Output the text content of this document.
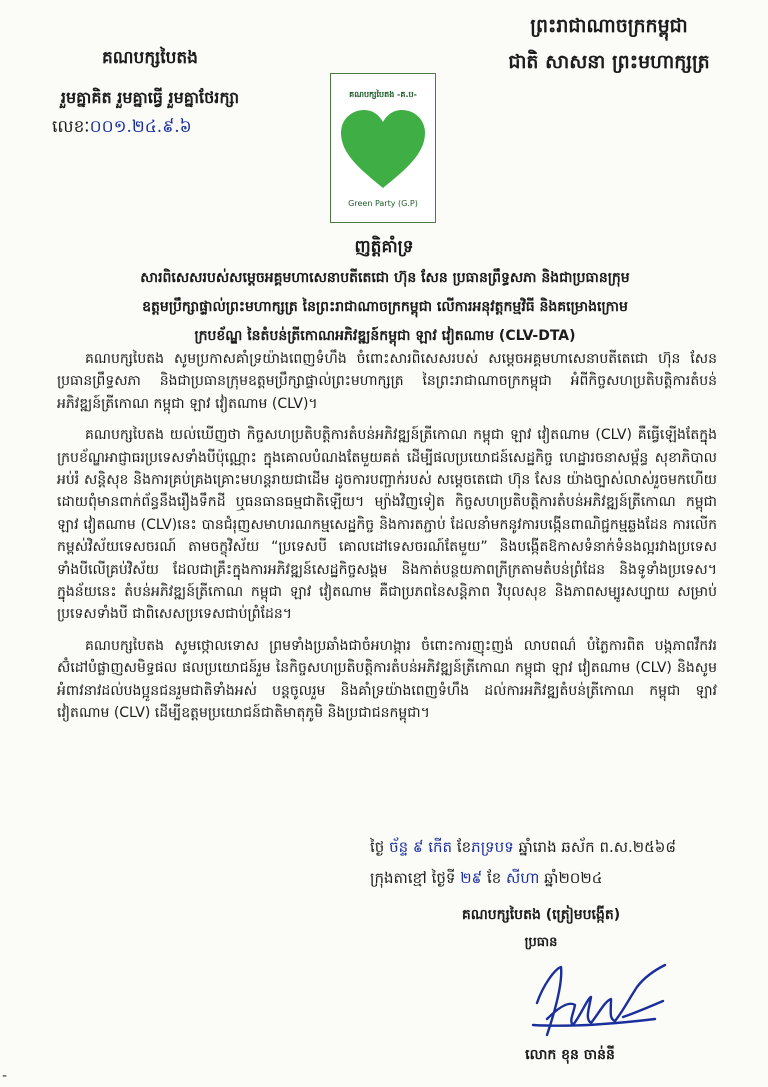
ព្រះរាជាណាចក្រកម្ពុជា
ជាតិ សាសនា ព្រះមហាក្សត្រ
គណបក្សបៃតង
រួមគ្នាគិត រួមគ្នាធ្វើ រួមគ្នាថែរក្សា
លេខៈ០០១.២៤.៩.៦
គណបក្សបៃតង -គ.ប-
Green Party (G.P)
ញត្តិគាំទ្រ
សារពិសេសរបស់សម្ដេចអគ្គមហាសេនាបតីតេជោ ហ៊ុន សែន ប្រធានព្រឹទ្ធសភា និងជាប្រធានក្រុម
ឧត្ដមប្រឹក្សាផ្ទាល់ព្រះមហាក្សត្រ នៃព្រះរាជាណាចក្រកម្ពុជា លើការអនុវត្តកម្មវិធី និងគម្រោងក្រោម
ក្របខ័ណ្ឌ នៃតំបន់ត្រីកោណអភិវឌ្ឍន៍កម្ពុជា ឡាវ វៀតណាម (CLV-DTA)

គណបក្សបៃតង សូមប្រកាសគាំទ្រយ៉ាងពេញទំហឹង ចំពោះសារពិសេសរបស់ សម្ដេចអគ្គមហាសេនាបតីតេជោ ហ៊ុន សែន ប្រធានព្រឹទ្ធសភា និងជាប្រធានក្រុមឧត្តមប្រឹក្សាផ្ទាល់ព្រះមហាក្សត្រ នៃព្រះរាជាណាចក្រកម្ពុជា អំពីកិច្ចសហប្រតិបត្តិការតំបន់អភិវឌ្ឍន៍ត្រីកោណ កម្ពុជា ឡាវ វៀតណាម (CLV)។

គណបក្សបៃតង យល់ឃើញថា កិច្ចសហប្រតិបត្តិការតំបន់អភិវឌ្ឍន៍ត្រីកោណ កម្ពុជា ឡាវ វៀតណាម (CLV) គឺធ្វើឡើងតែក្នុងក្របខ័ណ្ឌអាជ្ញាធរប្រទេសទាំងបីប៉ុណ្ណោះ ក្នុងគោលបំណងតែមួយគត់ ដើម្បីផលប្រយោជន៍សេដ្ឋកិច្ច ហេដ្ឋារចនាសម្ព័ន្ធ សុខាភិបាល អប់រំ សន្តិសុខ និងការគ្រប់គ្រងគ្រោះមហន្តរាយជាដើម ដូចការបញ្ជាក់របស់ សម្ដេចតេជោ ហ៊ុន សែន យ៉ាងច្បាស់លាស់រួចមកហើយ ដោយពុំមានពាក់ព័ន្ធនឹងរឿងទឹកដី ឬធនធានធម្មជាតិឡើយ។ ម្យ៉ាងវិញទៀត កិច្ចសហប្រតិបត្តិការតំបន់អភិវឌ្ឍន៍ត្រីកោណ កម្ពុជា ឡាវ វៀតណាម (CLV)នេះ បានជំរុញសមាហរណកម្មសេដ្ឋកិច្ច និងការតភ្ជាប់ ដែលនាំមកនូវការបង្កើនពាណិជ្ជកម្មឆ្លងដែន ការលើកកម្ពស់វិស័យទេសចរណ៍ តាមចក្ខុវិស័យ “ប្រទេសបី គោលដៅទេសចរណ៍តែមួយ” និងបង្កើតឱកាសទំនាក់ទំនងល្អរវាងប្រទេសទាំងបីលើគ្រប់វិស័យ ដែលជាគ្រឹះក្នុងការអភិវឌ្ឍន៍សេដ្ឋកិច្ចសង្គម និងកាត់បន្ថយភាពក្រីក្រតាមតំបន់ព្រំដែន និងទូទាំងប្រទេស។ ក្នុងន័យនេះ តំបន់អភិវឌ្ឍន៍ត្រីកោណ កម្ពុជា ឡាវ វៀតណាម គឺជាប្រភពនៃសន្តិភាព វិបុលសុខ និងភាពសម្បូរសប្បាយ សម្រាប់ប្រទេសទាំងបី ជាពិសេសប្រទេសជាប់ព្រំដែន។

គណបក្សបៃតង សូមថ្កោលទោស ព្រមទាំងប្រឆាំងជាចំអហង្ការ ចំពោះការញុះញង់ លាបពណ៌ បំភ្លៃការពិត បង្កភាពវឹកវរ ស៊ំដៅបំផ្លាញសមិទ្ធផល ផលប្រយោជន៍រួម នៃកិច្ចសហប្រតិបត្តិការតំបន់អភិវឌ្ឍន៍ត្រីកោណ កម្ពុជា ឡាវ វៀតណាម (CLV) និងសូមអំពាវនាវដល់បងប្អូនជនរួមជាតិទាំងអស់ បន្តចូលរួម និងគាំទ្រយ៉ាងពេញទំហឹង ដល់ការអភិវឌ្ឍតំបន់ត្រីកោណ កម្ពុជា ឡាវ វៀតណាម (CLV) ដើម្បីឧត្តមប្រយោជន៍ជាតិមាតុភូមិ និងប្រជាជនកម្ពុជា។

ថ្ងៃ ច័ន្ទ ៩ កើត ខែភទ្របទ ឆ្នាំរោង ឆស័ក ព.ស.២៥៦៨
ក្រុងតាខ្មៅ ថ្ងៃទី ២៩ ខែ សីហា ឆ្នាំ២០២៤
គណបក្សបៃតង (ត្រៀមបង្កើត)
ប្រធាន
លោក ខុន ចាន់នី
-
